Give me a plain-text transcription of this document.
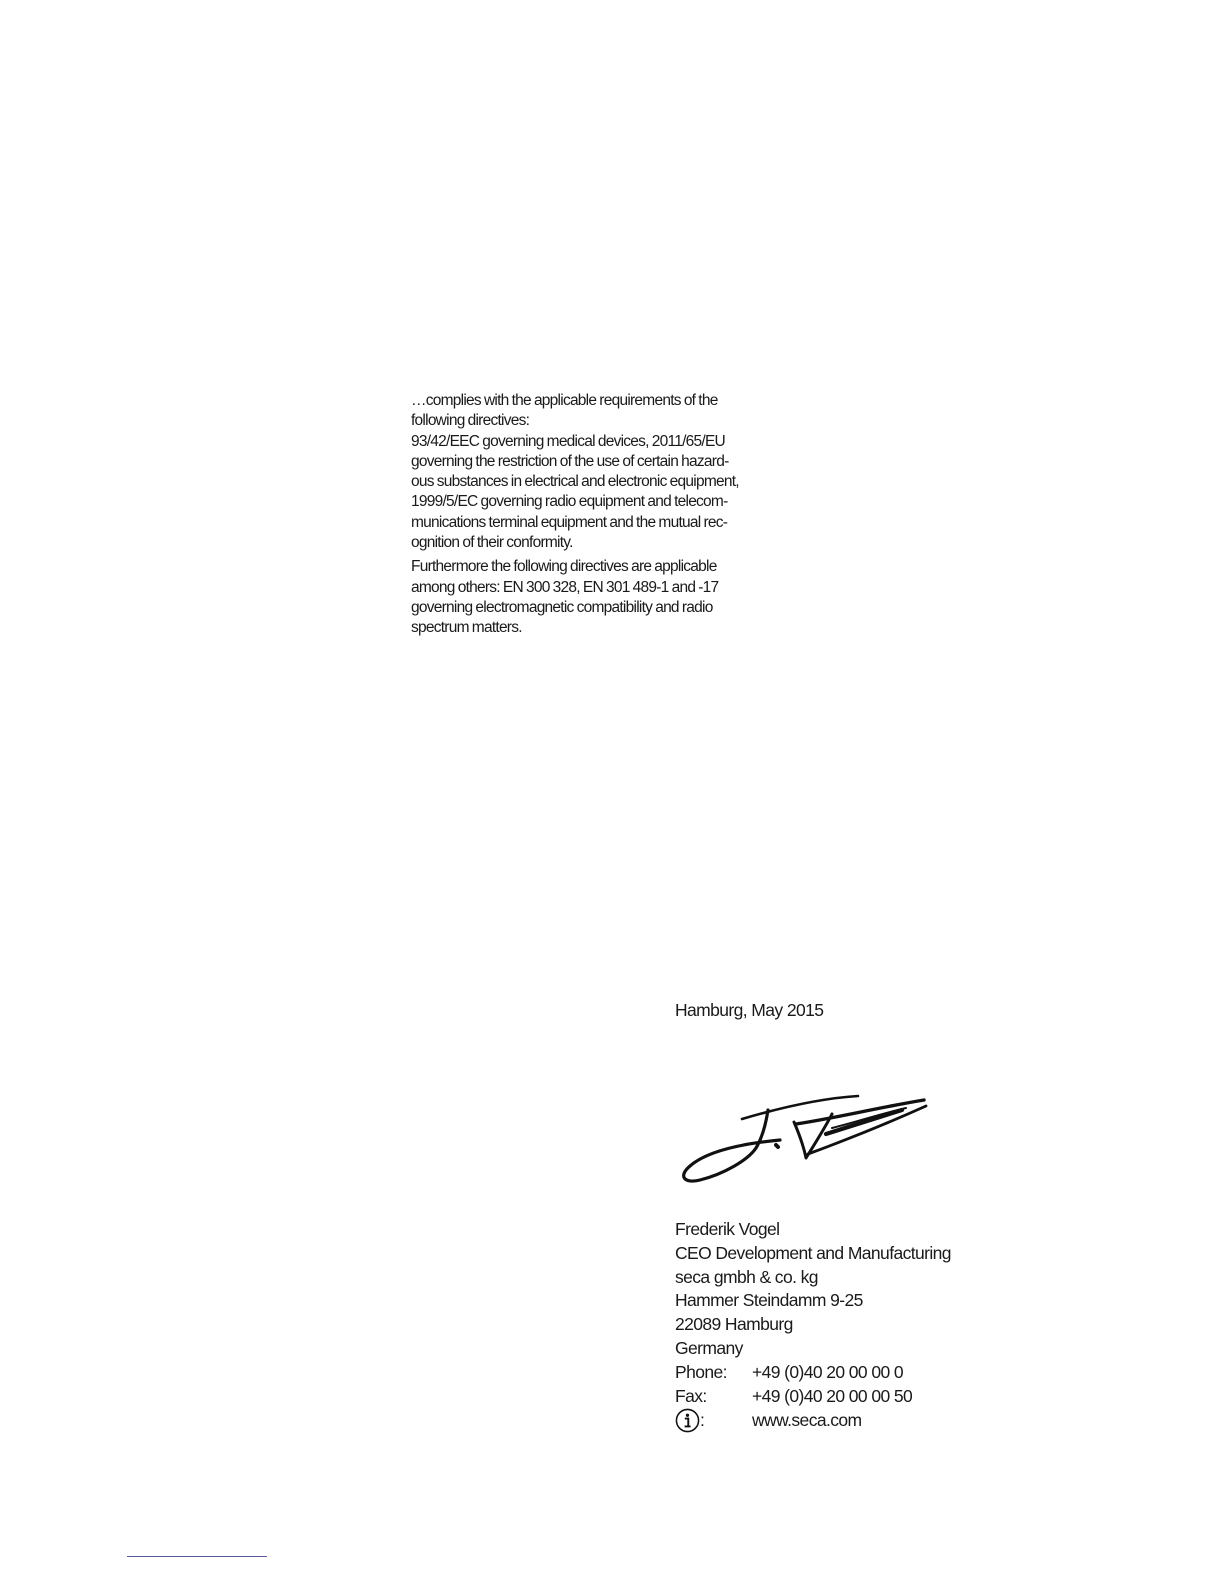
…complies with the applicable requirements of the
following directives:
93/42/EEC governing medical devices, 2011/65/EU
governing the restriction of the use of certain hazard-
ous substances in electrical and electronic equipment,
1999/5/EC governing radio equipment and telecom-
munications terminal equipment and the mutual rec-
ognition of their conformity.

Furthermore the following directives are applicable
among others: EN 300 328, EN 301 489-1 and -17
governing electromagnetic compatibility and radio
spectrum matters.

Hamburg, May 2015
Frederik Vogel
CEO Development and Manufacturing
seca gmbh & co. kg
Hammer Steindamm 9-25
22089 Hamburg
Germany
Phone:	+49 (0)40 20 00 00 0
Fax:	+49 (0)40 20 00 00 50
:	www.seca.com
